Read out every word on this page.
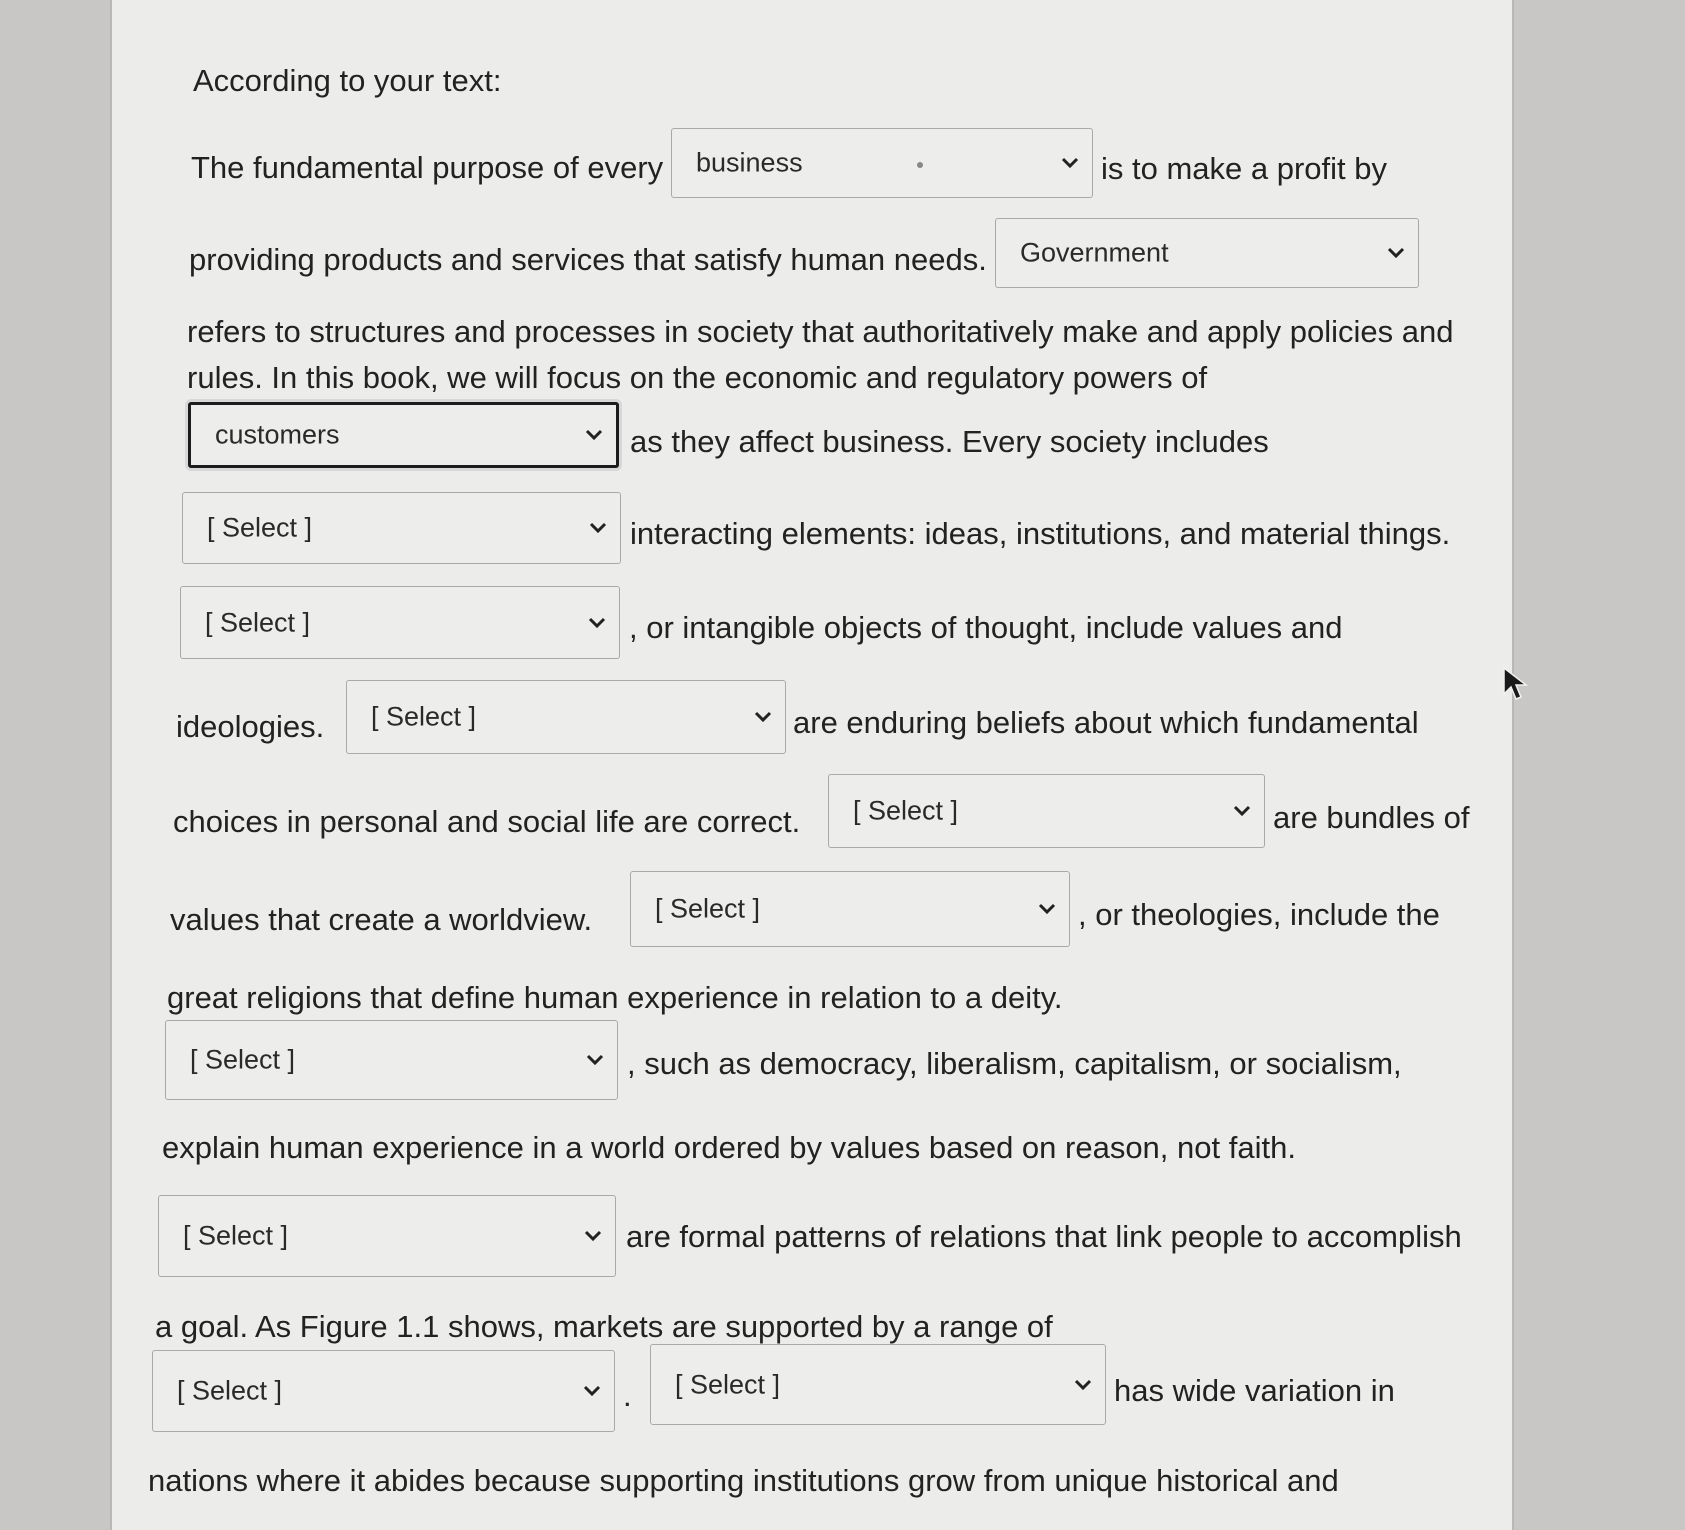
According to your text:
The fundamental purpose of every business	is to make a profit by
providing products and services that satisfy human needs. Government
refers to structures and processes in society that authoritatively make and apply policies and
rules. In this book, we will focus on the economic and regulatory powers of
customers	as they affect business. Every society includes
[ Select ]	interacting elements: ideas, institutions, and material things.
[ Select ]	, or intangible objects of thought, include values and
ideologies. [ Select ]	are enduring beliefs about which fundamental
choices in personal and social life are correct. [ Select ]	are bundles of
values that create a worldview. [ Select ]	, or theologies, include the
great religions that define human experience in relation to a deity.
[ Select ]	, such as democracy, liberalism, capitalism, or socialism,
explain human experience in a world ordered by values based on reason, not faith.
[ Select ]	are formal patterns of relations that link people to accomplish
a goal. As Figure 1.1 shows, markets are supported by a range of
[ Select ]	. [ Select ]	has wide variation in
nations where it abides because supporting institutions grow from unique historical and
